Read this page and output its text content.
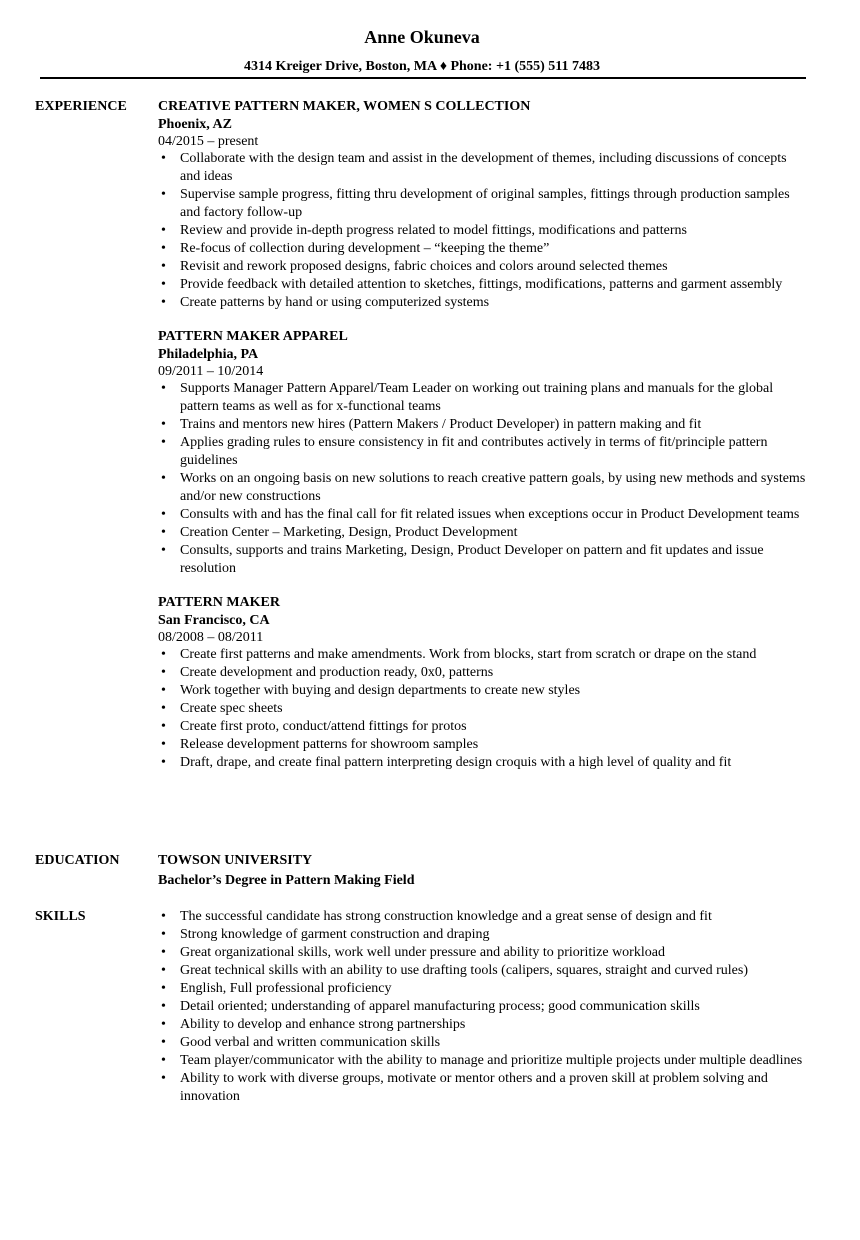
Anne Okuneva
4314 Kreiger Drive, Boston, MA ♦ Phone: +1 (555) 511 7483
EXPERIENCE CREATIVE PATTERN MAKER, WOMEN S COLLECTION
Phoenix, AZ
04/2015 – present
• Collaborate with the design team and assist in the development of themes, including discussions of concepts and ideas
• Supervise sample progress, fitting thru development of original samples, fittings through production samples and factory follow-up
• Review and provide in-depth progress related to model fittings, modifications and patterns
• Re-focus of collection during development – “keeping the theme”
• Revisit and rework proposed designs, fabric choices and colors around selected themes
• Provide feedback with detailed attention to sketches, fittings, modifications, patterns and garment assembly
• Create patterns by hand or using computerized systems
PATTERN MAKER APPAREL
Philadelphia, PA
09/2011 – 10/2014
• Supports Manager Pattern Apparel/Team Leader on working out training plans and manuals for the global pattern teams as well as for x-functional teams
• Trains and mentors new hires (Pattern Makers / Product Developer) in pattern making and fit
• Applies grading rules to ensure consistency in fit and contributes actively in terms of fit/principle pattern guidelines
• Works on an ongoing basis on new solutions to reach creative pattern goals, by using new methods and systems and/or new constructions
• Consults with and has the final call for fit related issues when exceptions occur in Product Development teams
• Creation Center – Marketing, Design, Product Development
• Consults, supports and trains Marketing, Design, Product Developer on pattern and fit updates and issue resolution
PATTERN MAKER
San Francisco, CA
08/2008 – 08/2011
• Create first patterns and make amendments. Work from blocks, start from scratch or drape on the stand
• Create development and production ready, 0x0, patterns
• Work together with buying and design departments to create new styles
• Create spec sheets
• Create first proto, conduct/attend fittings for protos
• Release development patterns for showroom samples
• Draft, drape, and create final pattern interpreting design croquis with a high level of quality and fit
EDUCATION	TOWSON UNIVERSITY
Bachelor’s Degree in Pattern Making Field
SKILLS
•	The successful candidate has strong construction knowledge and a great sense of design and fit
• Strong knowledge of garment construction and draping
• Great organizational skills, work well under pressure and ability to prioritize workload
• Great technical skills with an ability to use drafting tools (calipers, squares, straight and curved rules)
• English, Full professional proficiency
• Detail oriented; understanding of apparel manufacturing process; good communication skills
• Ability to develop and enhance strong partnerships
• Good verbal and written communication skills
• Team player/communicator with the ability to manage and prioritize multiple projects under multiple deadlines
• Ability to work with diverse groups, motivate or mentor others and a proven skill at problem solving and innovation
